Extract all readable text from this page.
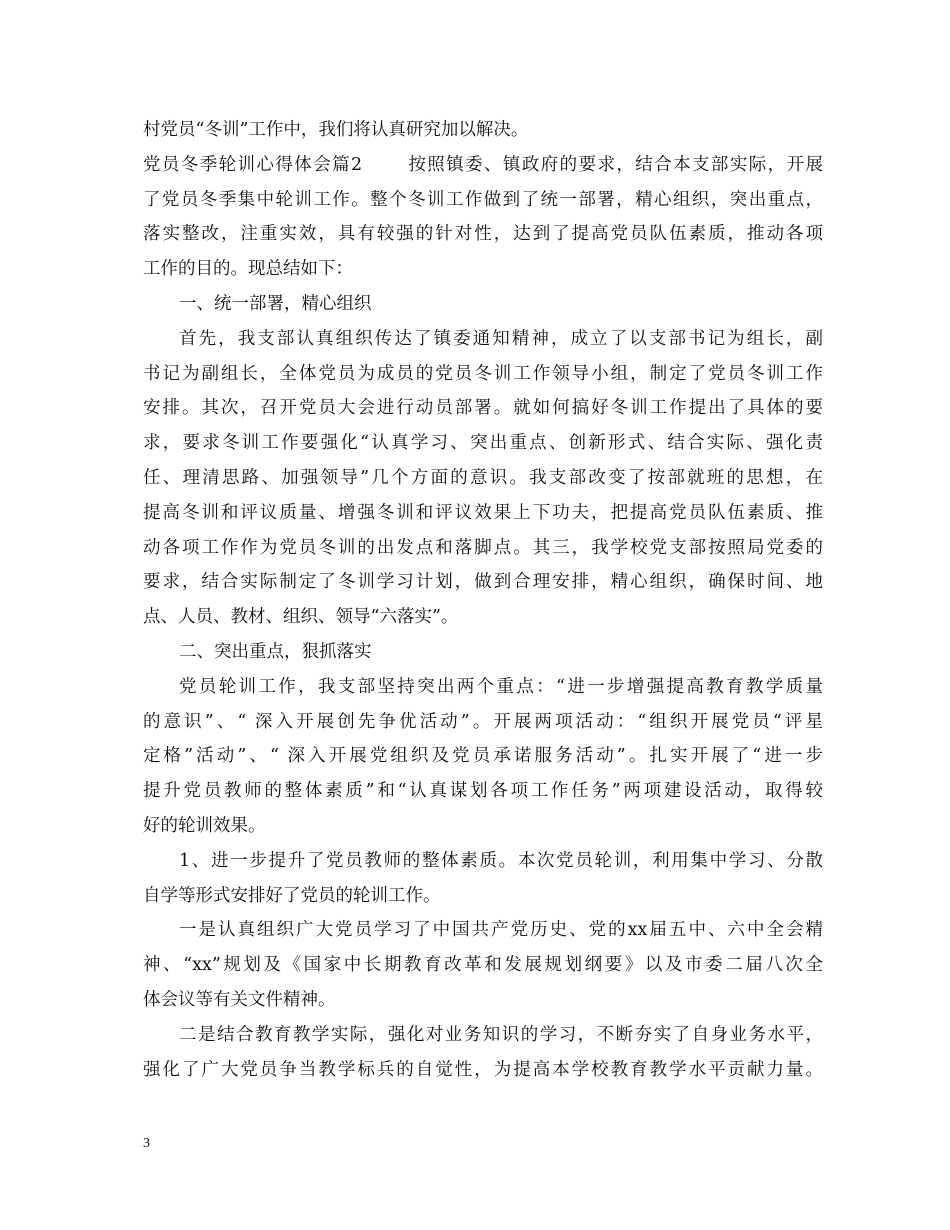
村党员“冬训”工作中，我们将认真研究加以解决。
党员冬季轮训心得体会篇2　　 按照镇委、镇政府的要求，结合本支部实际，开展
了党员冬季集中轮训工作。整个冬训工作做到了统一部署，精心组织，突出重点，
落实整改，注重实效，具有较强的针对性，达到了提高党员队伍素质，推动各项
工作的目的。现总结如下：
一、统一部署，精心组织
首先，我支部认真组织传达了镇委通知精神，成立了以支部书记为组长，副
书记为副组长，全体党员为成员的党员冬训工作领导小组，制定了党员冬训工作
安排。其次，召开党员大会进行动员部署。就如何搞好冬训工作提出了具体的要
求，要求冬训工作要强化“认真学习、突出重点、创新形式、结合实际、强化责
任、理清思路、加强领导”几个方面的意识。我支部改变了按部就班的思想，在
提高冬训和评议质量、增强冬训和评议效果上下功夫，把提高党员队伍素质、推
动各项工作作为党员冬训的出发点和落脚点。其三，我学校党支部按照局党委的
要求，结合实际制定了冬训学习计划，做到合理安排，精心组织，确保时间、地
点、人员、教材、组织、领导“六落实”。
二、突出重点，狠抓落实
党员轮训工作，我支部坚持突出两个重点：“进一步增强提高教育教学质量
的意识”、“ 深入开展创先争优活动”。开展两项活动：“组织开展党员“评星
定格”活动”、“ 深入开展党组织及党员承诺服务活动”。扎实开展了“进一步
提升党员教师的整体素质”和“认真谋划各项工作任务”两项建设活动，取得较
好的轮训效果。
1、进一步提升了党员教师的整体素质。本次党员轮训，利用集中学习、分散
自学等形式安排好了党员的轮训工作。
一是认真组织广大党员学习了中国共产党历史、党的xx届五中、六中全会精
神、“xx”规划及《国家中长期教育改革和发展规划纲要》以及市委二届八次全
体会议等有关文件精神。
二是结合教育教学实际，强化对业务知识的学习，不断夯实了自身业务水平，
强化了广大党员争当教学标兵的自觉性，为提高本学校教育教学水平贡献力量。
3
